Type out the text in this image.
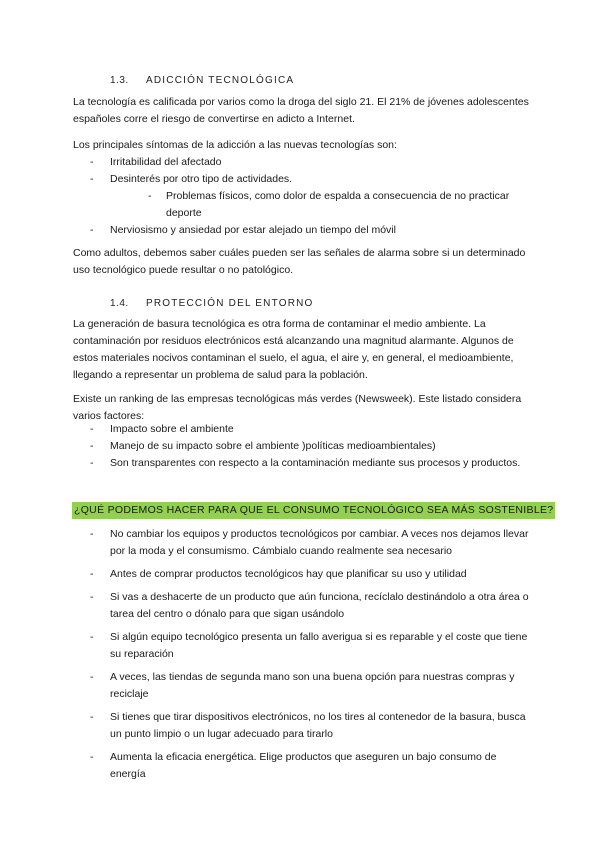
1.3. ADICCIÓN TECNOLÓGICA

La tecnología es calificada por varios como la droga del siglo 21. El 21% de jóvenes adolescentes españoles corre el riesgo de convertirse en adicto a Internet.

Los principales síntomas de la adicción a las nuevas tecnologías son:

- Irritabilidad del afectado
- Desinterés por otro tipo de actividades.
- Problemas físicos, como dolor de espalda a consecuencia de no practicar deporte
- Nerviosismo y ansiedad por estar alejado un tiempo del móvil

Como adultos, debemos saber cuáles pueden ser las señales de alarma sobre si un determinado uso tecnológico puede resultar o no patológico.

1.4. PROTECCIÓN DEL ENTORNO

La generación de basura tecnológica es otra forma de contaminar el medio ambiente. La contaminación por residuos electrónicos está alcanzando una magnitud alarmante. Algunos de estos materiales nocivos contaminan el suelo, el agua, el aire y, en general, el medioambiente, llegando a representar un problema de salud para la población.

Existe un ranking de las empresas tecnológicas más verdes (Newsweek). Este listado considera varios factores:

- Impacto sobre el ambiente
- Manejo de su impacto sobre el ambiente )políticas medioambientales)
- Son transparentes con respecto a la contaminación mediante sus procesos y productos.
¿QUÉ PODEMOS HACER PARA QUE EL CONSUMO TECNOLÓGICO SEA MÁS SOSTENIBLE?
- No cambiar los equipos y productos tecnológicos por cambiar. A veces nos dejamos llevar por la moda y el consumismo. Cámbialo cuando realmente sea necesario
- Antes de comprar productos tecnológicos hay que planificar su uso y utilidad
- Si vas a deshacerte de un producto que aún funciona, recíclalo destinándolo a otra área o tarea del centro o dónalo para que sigan usándolo
- Si algún equipo tecnológico presenta un fallo averigua si es reparable y el coste que tiene su reparación
- A veces, las tiendas de segunda mano son una buena opción para nuestras compras y reciclaje
- Si tienes que tirar dispositivos electrónicos, no los tires al contenedor de la basura, busca un punto limpio o un lugar adecuado para tirarlo
- Aumenta la eficacia energética. Elige productos que aseguren un bajo consumo de energía
